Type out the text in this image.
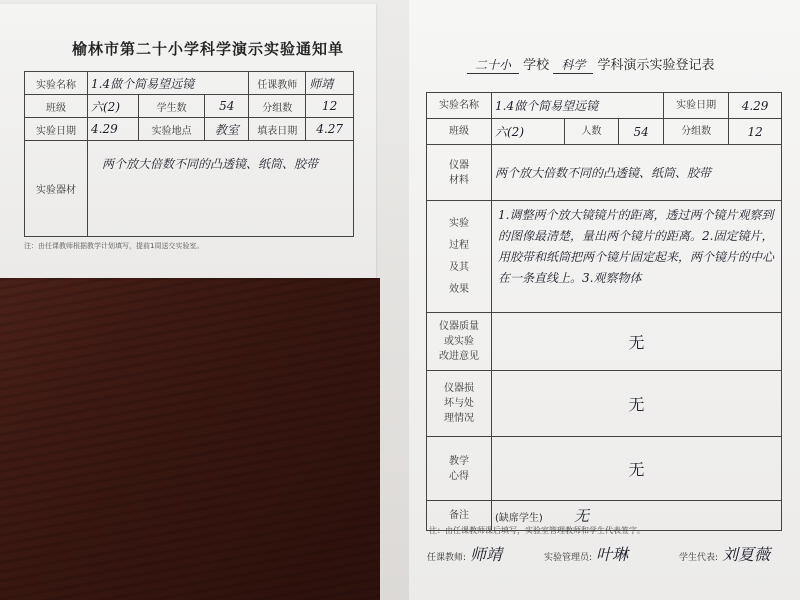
榆林市第二十小学科学演示实验通知单
实验名称	1.4做个简易望远镜			任课教师	师靖
班级	六(2)	学生数	54	分组数	12
实验日期	4.29	实验地点	教室	填表日期	4.27
实验器材	两个放大倍数不同的凸透镜、纸筒、胶带				
注：由任课教师根据教学计划填写，提前1周送交实验室。
二十小 学校 科学 学科演示实验登记表
实验名称	1.4做个简易望远镜			实验日期	4.29
班级	六(2)	人数	54	分组数	12
仪器
材料	两个放大倍数不同的凸透镜、纸筒、胶带				
实验

过程

及其

效果	1.调整两个放大镜镜片的距离，透过两个镜片观察到的图像最清楚，量出两个镜片的距离。2.固定镜片，用胶带和纸筒把两个镜片固定起来，两个镜片的中心在一条直线上。3.观察物体				
仪器质量
或实验
改进意见	无				
仪器损
坏与处
理情况	无				
教学
心得	无				
备注	(缺席学生) 无				
注：由任课教师课后填写，实验室管理教师和学生代表签字。
任课教师: 师靖	实验管理员: 叶琳	学生代表: 刘夏薇
